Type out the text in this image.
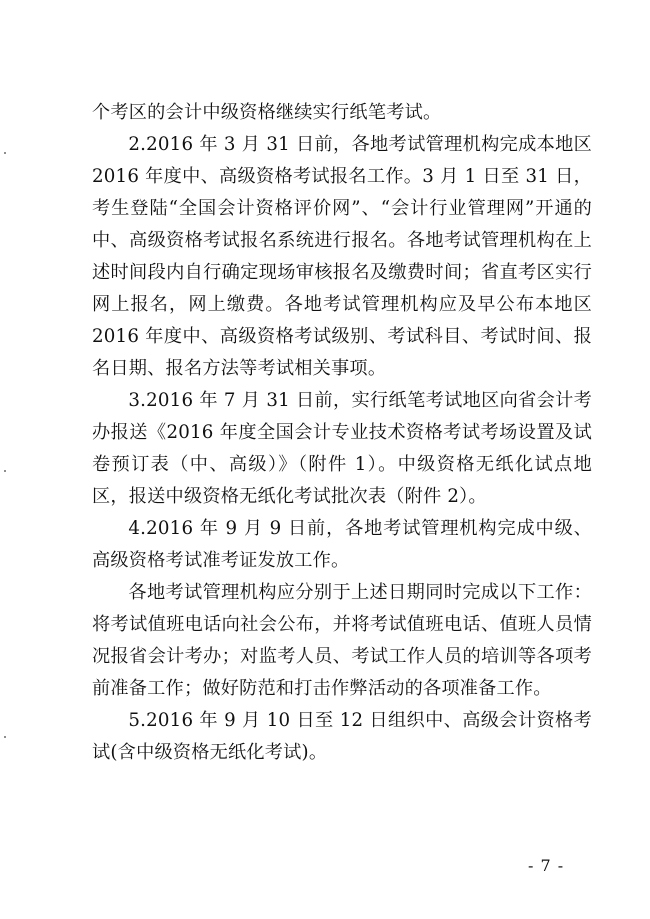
个考区的会计中级资格继续实行纸笔考试。

2.2016 年 3 月 31 日前，各地考试管理机构完成本地区 2016 年度中、高级资格考试报名工作。3 月 1 日至 31 日，考生登陆“全国会计资格评价网”、“会计行业管理网”开通的中、高级资格考试报名系统进行报名。各地考试管理机构在上述时间段内自行确定现场审核报名及缴费时间；省直考区实行网上报名，网上缴费。各地考试管理机构应及早公布本地区 2016 年度中、高级资格考试级别、考试科目、考试时间、报名日期、报名方法等考试相关事项。

3.2016 年 7 月 31 日前，实行纸笔考试地区向省会计考办报送《2016 年度全国会计专业技术资格考试考场设置及试卷预订表（中、高级）》（附件 1）。中级资格无纸化试点地区，报送中级资格无纸化考试批次表（附件 2）。

4.2016 年 9 月 9 日前，各地考试管理机构完成中级、高级资格考试准考证发放工作。

各地考试管理机构应分别于上述日期同时完成以下工作：将考试值班电话向社会公布，并将考试值班电话、值班人员情况报省会计考办；对监考人员、考试工作人员的培训等各项考前准备工作；做好防范和打击作弊活动的各项准备工作。

5.2016 年 9 月 10 日至 12 日组织中、高级会计资格考试(含中级资格无纸化考试)。

- 7 -
